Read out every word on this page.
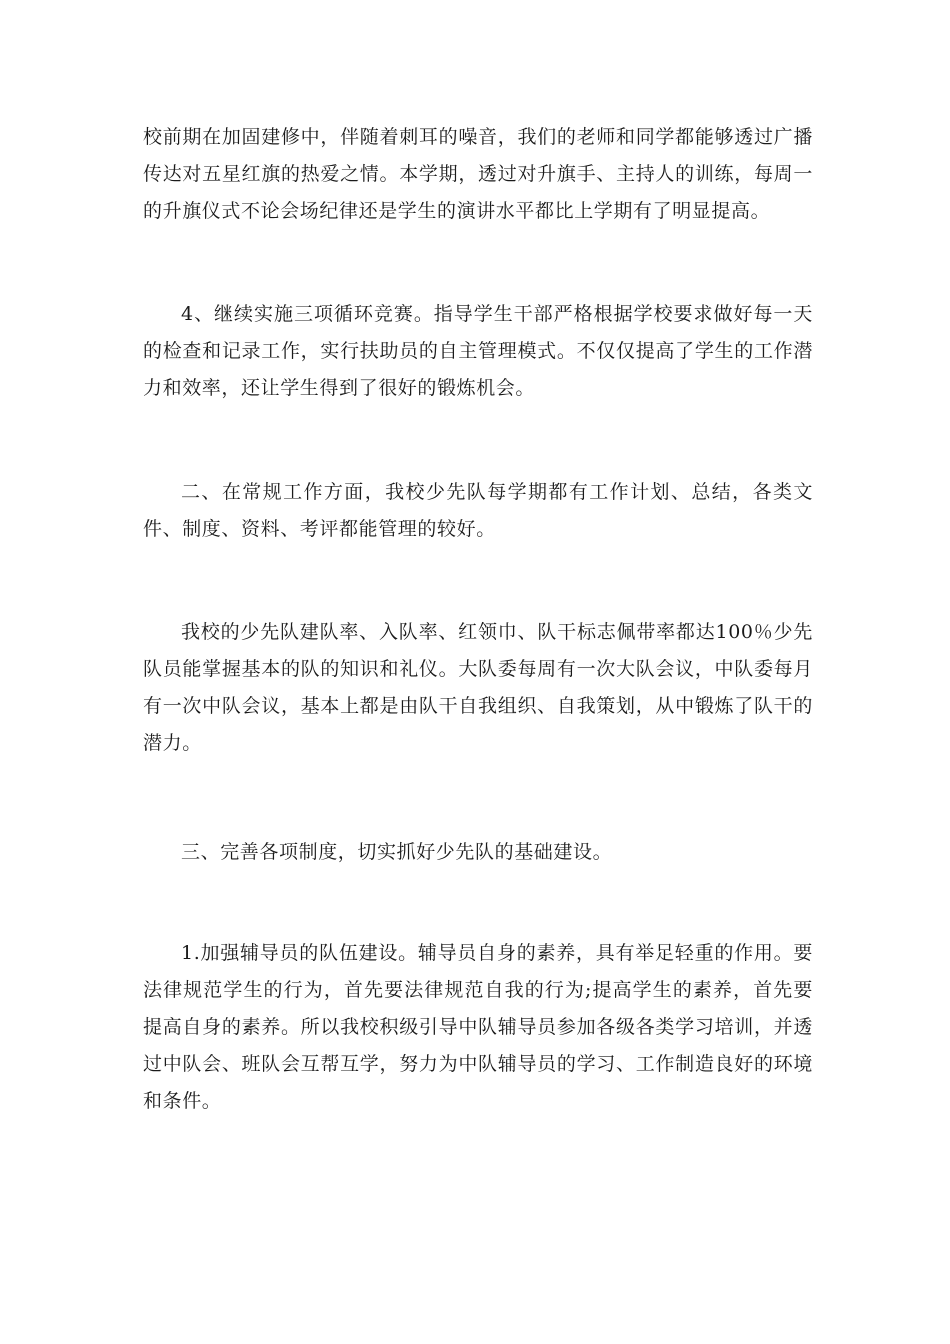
校前期在加固建修中，伴随着刺耳的噪音，我们的老师和同学都能够透过广播传达对五星红旗的热爱之情。本学期，透过对升旗手、主持人的训练，每周一的升旗仪式不论会场纪律还是学生的演讲水平都比上学期有了明显提高。

4、继续实施三项循环竞赛。指导学生干部严格根据学校要求做好每一天的检查和记录工作，实行扶助员的自主管理模式。不仅仅提高了学生的工作潜力和效率，还让学生得到了很好的锻炼机会。

二、在常规工作方面，我校少先队每学期都有工作计划、总结，各类文件、制度、资料、考评都能管理的较好。

我校的少先队建队率、入队率、红领巾、队干标志佩带率都达100％少先队员能掌握基本的队的知识和礼仪。大队委每周有一次大队会议，中队委每月有一次中队会议，基本上都是由队干自我组织、自我策划，从中锻炼了队干的潜力。

三、完善各项制度，切实抓好少先队的基础建设。

1.加强辅导员的队伍建设。辅导员自身的素养，具有举足轻重的作用。要法律规范学生的行为，首先要法律规范自我的行为;提高学生的素养，首先要提高自身的素养。所以我校积级引导中队辅导员参加各级各类学习培训，并透过中队会、班队会互帮互学，努力为中队辅导员的学习、工作制造良好的环境和条件。
